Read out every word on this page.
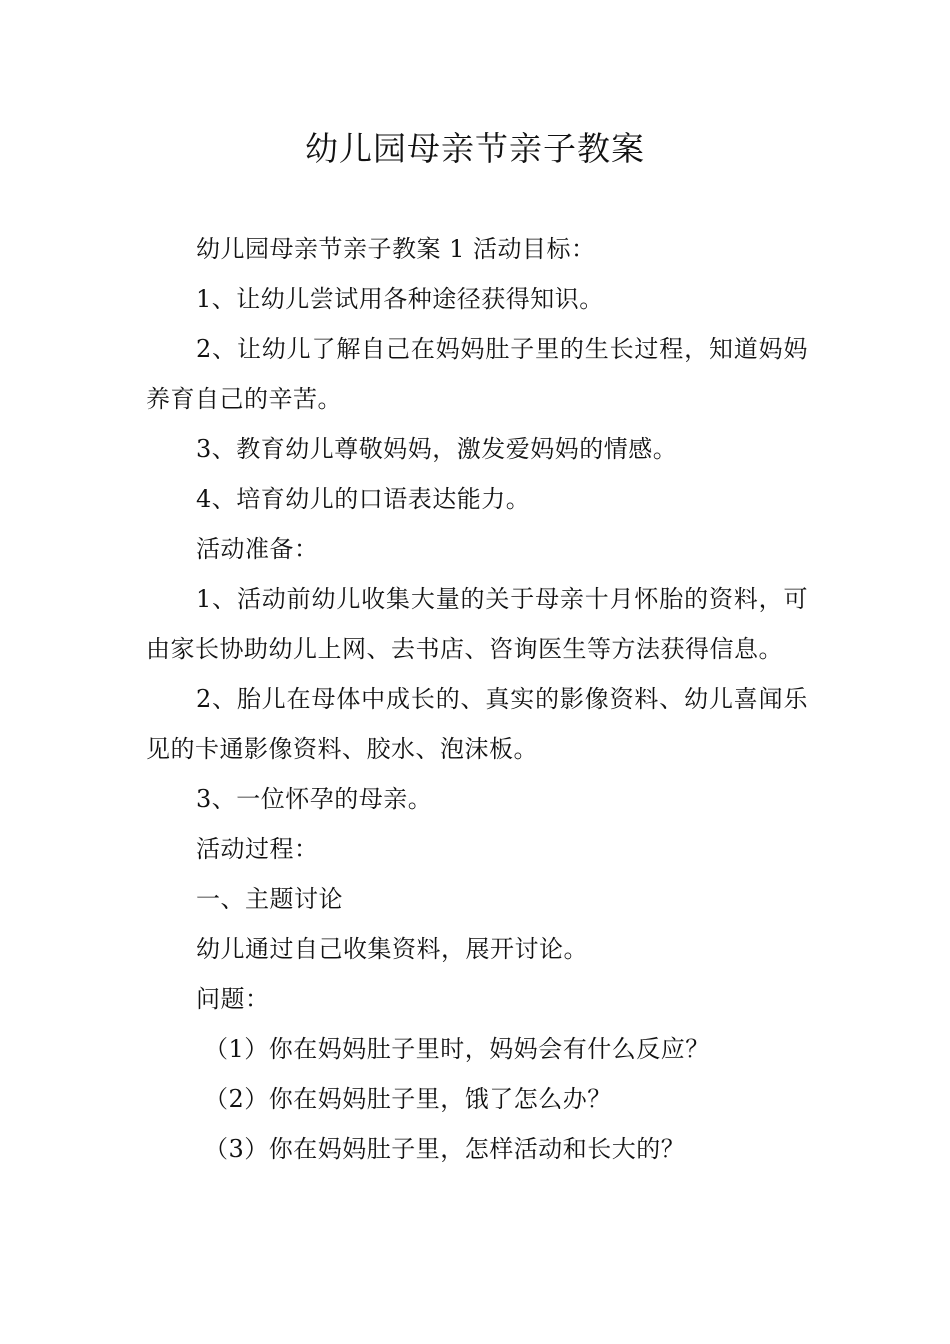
幼儿园母亲节亲子教案

幼儿园母亲节亲子教案 1 活动目标：

1、让幼儿尝试用各种途径获得知识。

2、让幼儿了解自己在妈妈肚子里的生长过程，知道妈妈养育自己的辛苦。

3、教育幼儿尊敬妈妈，激发爱妈妈的情感。

4、培育幼儿的口语表达能力。

活动准备：

1、活动前幼儿收集大量的关于母亲十月怀胎的资料，可由家长协助幼儿上网、去书店、咨询医生等方法获得信息。

2、胎儿在母体中成长的、真实的影像资料、幼儿喜闻乐见的卡通影像资料、胶水、泡沫板。

3、一位怀孕的母亲。

活动过程：

一、主题讨论

幼儿通过自己收集资料，展开讨论。

问题：

（1）你在妈妈肚子里时，妈妈会有什么反应？

（2）你在妈妈肚子里，饿了怎么办？

（3）你在妈妈肚子里，怎样活动和长大的？
